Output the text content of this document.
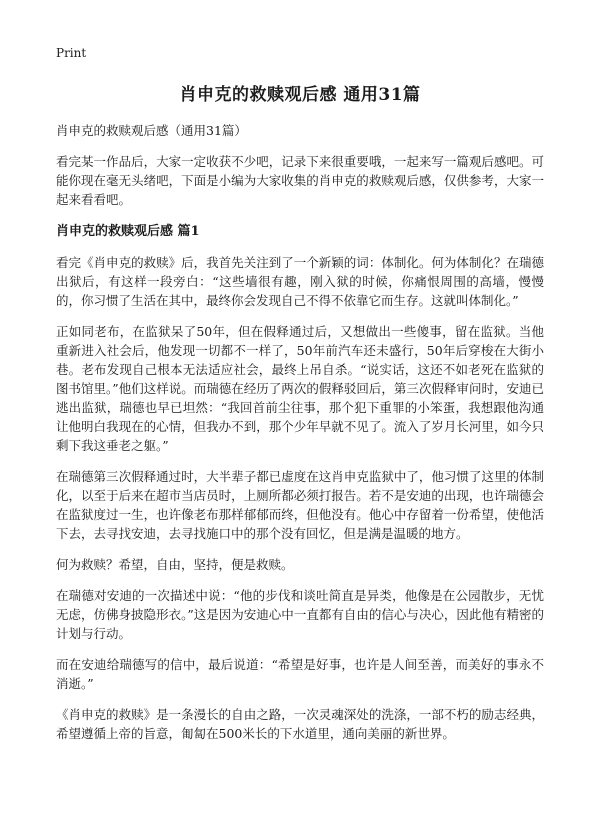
Print
肖申克的救赎观后感 通用31篇
肖申克的救赎观后感（通用31篇）

看完某一作品后，大家一定收获不少吧，记录下来很重要哦，一起来写一篇观后感吧。可能你现在毫无头绪吧，下面是小编为大家收集的肖申克的救赎观后感，仅供参考，大家一起来看看吧。

肖申克的救赎观后感 篇1

看完《肖申克的救赎》后，我首先关注到了一个新颖的词：体制化。何为体制化？在瑞德出狱后，有这样一段旁白：“这些墙很有趣，刚入狱的时候，你痛恨周围的高墙，慢慢的，你习惯了生活在其中，最终你会发现自己不得不依靠它而生存。这就叫体制化。”

正如同老布，在监狱呆了50年，但在假释通过后，又想做出一些傻事，留在监狱。当他重新进入社会后，他发现一切都不一样了，50年前汽车还未盛行，50年后穿梭在大街小巷。老布发现自己根本无法适应社会，最终上吊自杀。“说实话，这还不如老死在监狱的图书馆里。”他们这样说。而瑞德在经历了两次的假释驳回后，第三次假释审问时，安迪已逃出监狱，瑞德也早已坦然：“我回首前尘往事，那个犯下重罪的小笨蛋，我想跟他沟通让他明白我现在的心情，但我办不到，那个少年早就不见了。流入了岁月长河里，如今只剩下我这垂老之躯。”

在瑞德第三次假释通过时，大半辈子都已虚度在这肖申克监狱中了，他习惯了这里的体制化，以至于后来在超市当店员时，上厕所都必须打报告。若不是安迪的出现，也许瑞德会在监狱度过一生，也许像老布那样郁郁而终，但他没有。他心中存留着一份希望，使他活下去，去寻找安迪，去寻找施口中的那个没有回忆，但是满是温暖的地方。

何为救赎？希望，自由，坚持，便是救赎。

在瑞德对安迪的一次描述中说：“他的步伐和谈吐简直是异类，他像是在公园散步，无忧无虑，仿佛身披隐形衣。”这是因为安迪心中一直都有自由的信心与决心，因此他有精密的计划与行动。

而在安迪给瑞德写的信中，最后说道：“希望是好事，也许是人间至善，而美好的事永不消逝。”

《肖申克的救赎》是一条漫长的自由之路，一次灵魂深处的洗涤，一部不朽的励志经典，希望遵循上帝的旨意，匍匐在500米长的下水道里，通向美丽的新世界。
